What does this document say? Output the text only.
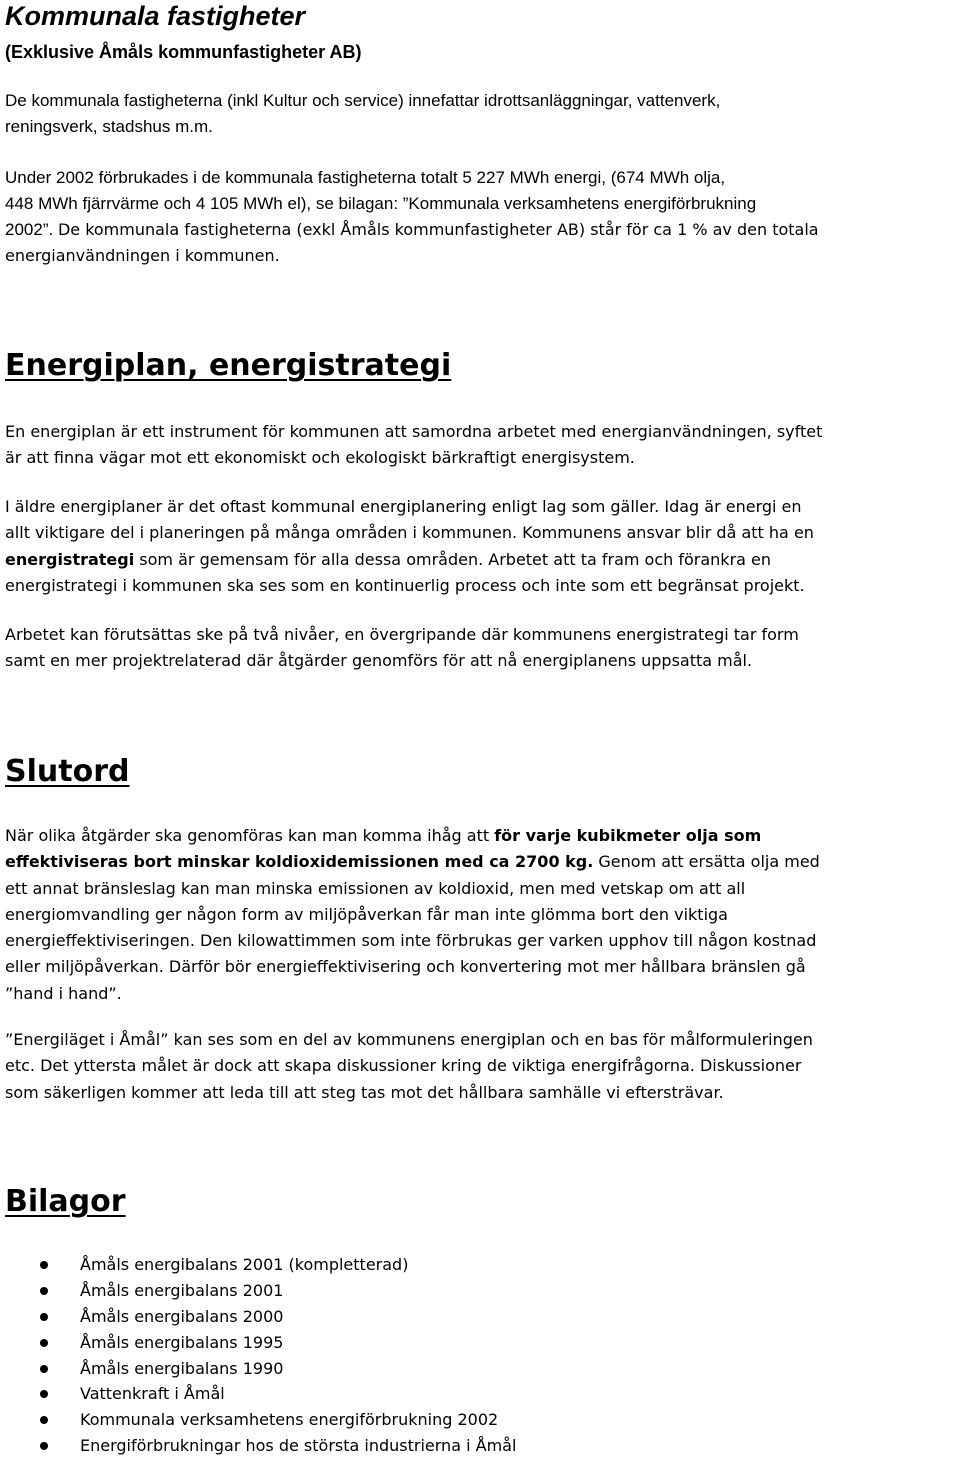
Kommunala fastigheter
(Exklusive Åmåls kommunfastigheter AB)
De kommunala fastigheterna (inkl Kultur och service) innefattar idrottsanläggningar, vattenverk,
reningsverk, stadshus m.m.
Under 2002 förbrukades i de kommunala fastigheterna totalt 5 227 MWh energi, (674 MWh olja,
448 MWh fjärrvärme och 4 105 MWh el), se bilagan: ”Kommunala verksamhetens energiförbrukning
2002”. De kommunala fastigheterna (exkl Åmåls kommunfastigheter AB) står för ca 1 % av den totala
energianvändningen i kommunen.
Energiplan, energistrategi
En energiplan är ett instrument för kommunen att samordna arbetet med energianvändningen, syftet
är att finna vägar mot ett ekonomiskt och ekologiskt bärkraftigt energisystem.
I äldre energiplaner är det oftast kommunal energiplanering enligt lag som gäller. Idag är energi en
allt viktigare del i planeringen på många områden i kommunen. Kommunens ansvar blir då att ha en
energistrategi som är gemensam för alla dessa områden. Arbetet att ta fram och förankra en
energistrategi i kommunen ska ses som en kontinuerlig process och inte som ett begränsat projekt.
Arbetet kan förutsättas ske på två nivåer, en övergripande där kommunens energistrategi tar form
samt en mer projektrelaterad där åtgärder genomförs för att nå energiplanens uppsatta mål.
Slutord
När olika åtgärder ska genomföras kan man komma ihåg att för varje kubikmeter olja som
effektiviseras bort minskar koldioxidemissionen med ca 2700 kg. Genom att ersätta olja med
ett annat bränsleslag kan man minska emissionen av koldioxid, men med vetskap om att all
energiomvandling ger någon form av miljöpåverkan får man inte glömma bort den viktiga
energieffektiviseringen. Den kilowattimmen som inte förbrukas ger varken upphov till någon kostnad
eller miljöpåverkan. Därför bör energieffektivisering och konvertering mot mer hållbara bränslen gå
”hand i hand”.
”Energiläget i Åmål” kan ses som en del av kommunens energiplan och en bas för målformuleringen
etc. Det yttersta målet är dock att skapa diskussioner kring de viktiga energifrågorna. Diskussioner
som säkerligen kommer att leda till att steg tas mot det hållbara samhälle vi eftersträvar.
Bilagor
Åmåls energibalans 2001 (kompletterad)
Åmåls energibalans 2001
Åmåls energibalans 2000
Åmåls energibalans 1995
Åmåls energibalans 1990
Vattenkraft i Åmål
Kommunala verksamhetens energiförbrukning 2002
Energiförbrukningar hos de största industrierna i Åmål
